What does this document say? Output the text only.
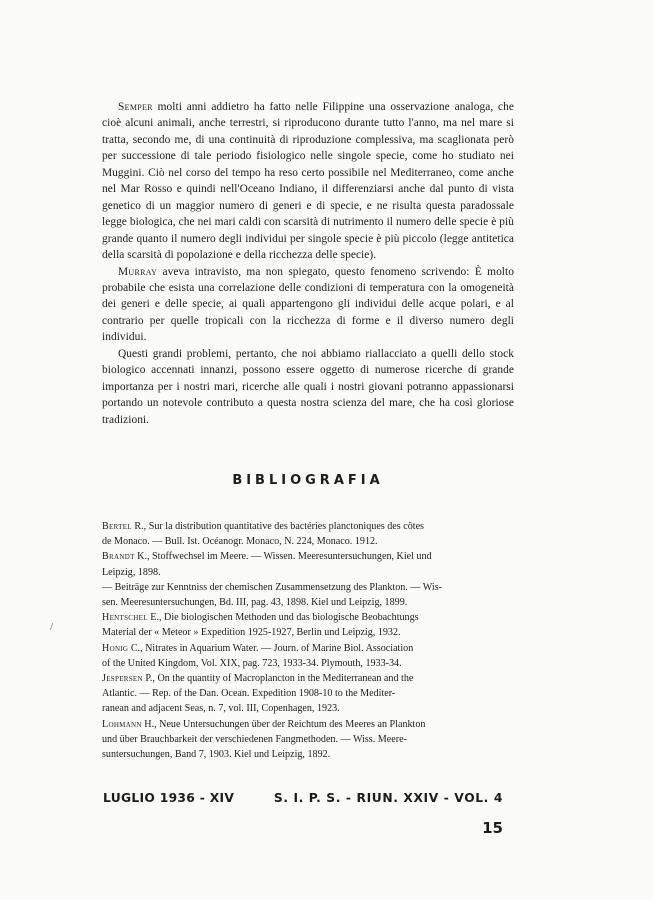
Semper molti anni addietro ha fatto nelle Filippine una osservazione analoga, che cioè alcuni animali, anche terrestri, si riproducono durante tutto l'anno, ma nel mare si tratta, secondo me, di una continuità di riproduzione complessiva, ma scaglionata però per successione di tale periodo fisiologico nelle singole specie, come ho studiato nei Muggini. Ciò nel corso del tempo ha reso certo possibile nel Mediterraneo, come anche nel Mar Rosso e quindi nell'Oceano Indiano, il differenziarsi anche dal punto di vista genetico di un maggior numero di generi e di specie, e ne risulta questa paradossale legge biologica, che nei mari caldi con scarsità di nutrimento il numero delle specie è più grande quanto il numero degli individui per singole specie è più piccolo (legge antitetica della scarsità di popolazione e della ricchezza delle specie).

Murray aveva intravisto, ma non spiegato, questo fenomeno scrivendo: È molto probabile che esista una correlazione delle condizioni di temperatura con la omogeneità dei generi e delle specie, ai quali appartengono gli individui delle acque polari, e al contrario per quelle tropicali con la ricchezza di forme e il diverso numero degli individui.

Questi grandi problemi, pertanto, che noi abbiamo riallacciato a quelli dello stock biologico accennati innanzi, possono essere oggetto di numerose ricerche di grande importanza per i nostri mari, ricerche alle quali i nostri giovani potranno appassionarsi portando un notevole contributo a questa nostra scienza del mare, che ha così gloriose tradizioni.

BIBLIOGRAFIA
Bertel R., Sur la distribution quantitative des bactéries planctoniques des côtes
de Monaco. — Bull. Ist. Océanogr. Monaco, N. 224, Monaco. 1912.
Brandt K., Stoffwechsel im Meere. — Wissen. Meeresuntersuchungen, Kiel und
Leipzig, 1898.
— Beiträge zur Kenntniss der chemischen Zusammensetzung des Plankton. — Wis-
sen. Meeresuntersuchungen, Bd. III, pag. 43, 1898. Kiel und Leipzig, 1899.
Hentschel E., Die biologischen Methoden und das biologische Beobachtungs
Material der « Meteor » Expedition 1925-1927, Berlin und Leipzig, 1932.
Honig C., Nitrates in Aquarium Water. — Journ. of Marine Biol. Association
of the United Kingdom, Vol. XIX, pag. 723, 1933-34. Plymouth, 1933-34.
Jespersen P., On the quantity of Macroplancton in the Mediterranean and the
Atlantic. — Rep. of the Dan. Ocean. Expedition 1908-10 to the Mediter-
ranean and adjacent Seas, n. 7, vol. III, Copenhagen, 1923.
Lohmann H., Neue Untersuchungen über der Reichtum des Meeres an Plankton
und über Brauchbarkeit der verschiedenen Fangmethoden. — Wiss. Meere-
suntersuchungen, Band 7, 1903. Kiel und Leipzig, 1892.
/
LUGLIO 1936 - XIV	S. I. P. S. - RIUN. XXIV - VOL. 4
15
